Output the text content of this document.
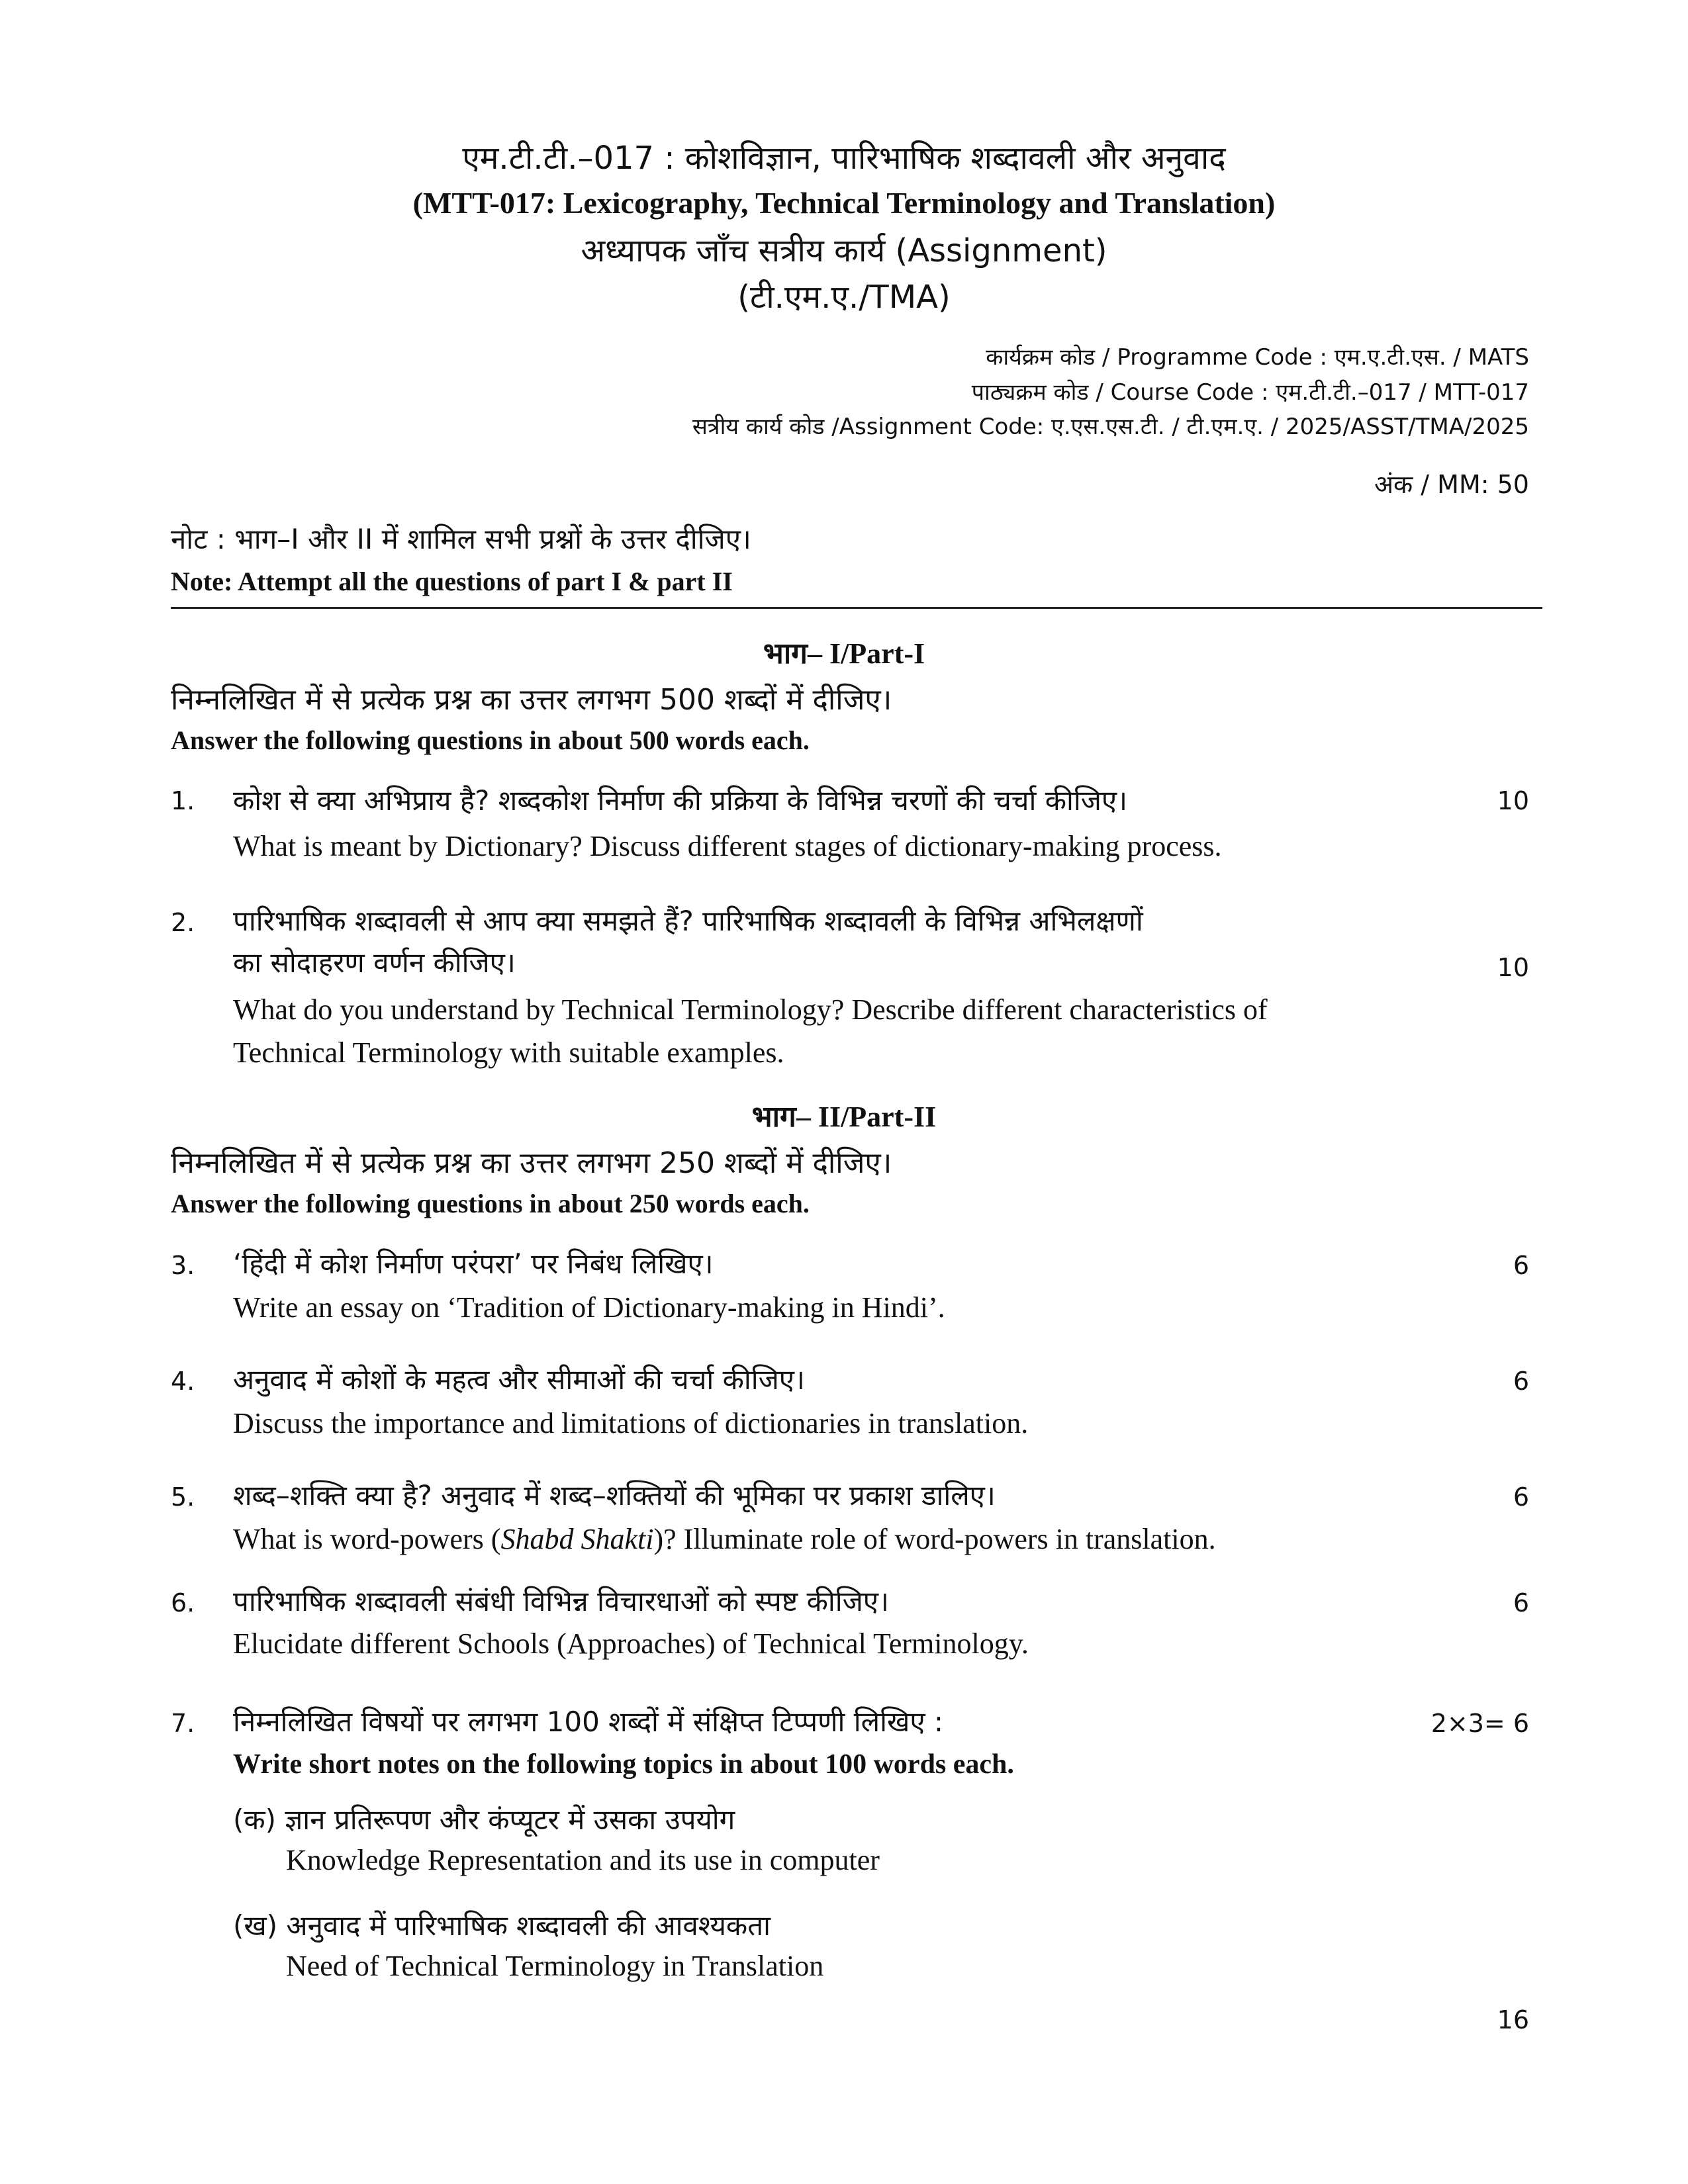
एम.टी.टी.–017 : कोशविज्ञान, पारिभाषिक शब्दावली और अनुवाद
(MTT-017: Lexicography, Technical Terminology and Translation)
अध्यापक जाँच सत्रीय कार्य (Assignment)
(टी.एम.ए./TMA)
कार्यक्रम कोड / Programme Code : एम.ए.टी.एस. / MATS
पाठ्यक्रम कोड / Course Code : एम.टी.टी.–017 / MTT-017
सत्रीय कार्य कोड /Assignment Code: ए.एस.एस.टी. / टी.एम.ए. / 2025/ASST/TMA/2025
अंक / MM: 50
नोट : भाग–I और II में शामिल सभी प्रश्नों के उत्तर दीजिए।
Note: Attempt all the questions of part I & part II
भाग– I/Part-I
निम्नलिखित में से प्रत्येक प्रश्न का उत्तर लगभग 500 शब्दों में दीजिए।
Answer the following questions in about 500 words each.
1. कोश से क्या अभिप्राय है? शब्दकोश निर्माण की प्रक्रिया के विभिन्न चरणों की चर्चा कीजिए।	10
What is meant by Dictionary? Discuss different stages of dictionary-making process.
2. पारिभाषिक शब्दावली से आप क्या समझते हैं? पारिभाषिक शब्दावली के विभिन्न अभिलक्षणों
का सोदाहरण वर्णन कीजिए।	10
What do you understand by Technical Terminology? Describe different characteristics of
Technical Terminology with suitable examples.
भाग– II/Part-II
निम्नलिखित में से प्रत्येक प्रश्न का उत्तर लगभग 250 शब्दों में दीजिए।
Answer the following questions in about 250 words each.
3. ‘हिंदी में कोश निर्माण परंपरा’ पर निबंध लिखिए।	6
Write an essay on ‘Tradition of Dictionary-making in Hindi’.
4. अनुवाद में कोशों के महत्व और सीमाओं की चर्चा कीजिए।	6
Discuss the importance and limitations of dictionaries in translation.
5. शब्द–शक्ति क्या है? अनुवाद में शब्द–शक्तियों की भूमिका पर प्रकाश डालिए।	6
What is word-powers (Shabd Shakti)? Illuminate role of word-powers in translation.
6. पारिभाषिक शब्दावली संबंधी विभिन्न विचारधाओं को स्पष्ट कीजिए।	6
Elucidate different Schools (Approaches) of Technical Terminology.
7. निम्नलिखित विषयों पर लगभग 100 शब्दों में संक्षिप्त टिप्पणी लिखिए :	2×3= 6
Write short notes on the following topics in about 100 words each.
(क) ज्ञान प्रतिरूपण और कंप्यूटर में उसका उपयोग
Knowledge Representation and its use in computer
(ख) अनुवाद में पारिभाषिक शब्दावली की आवश्यकता
Need of Technical Terminology in Translation
16
